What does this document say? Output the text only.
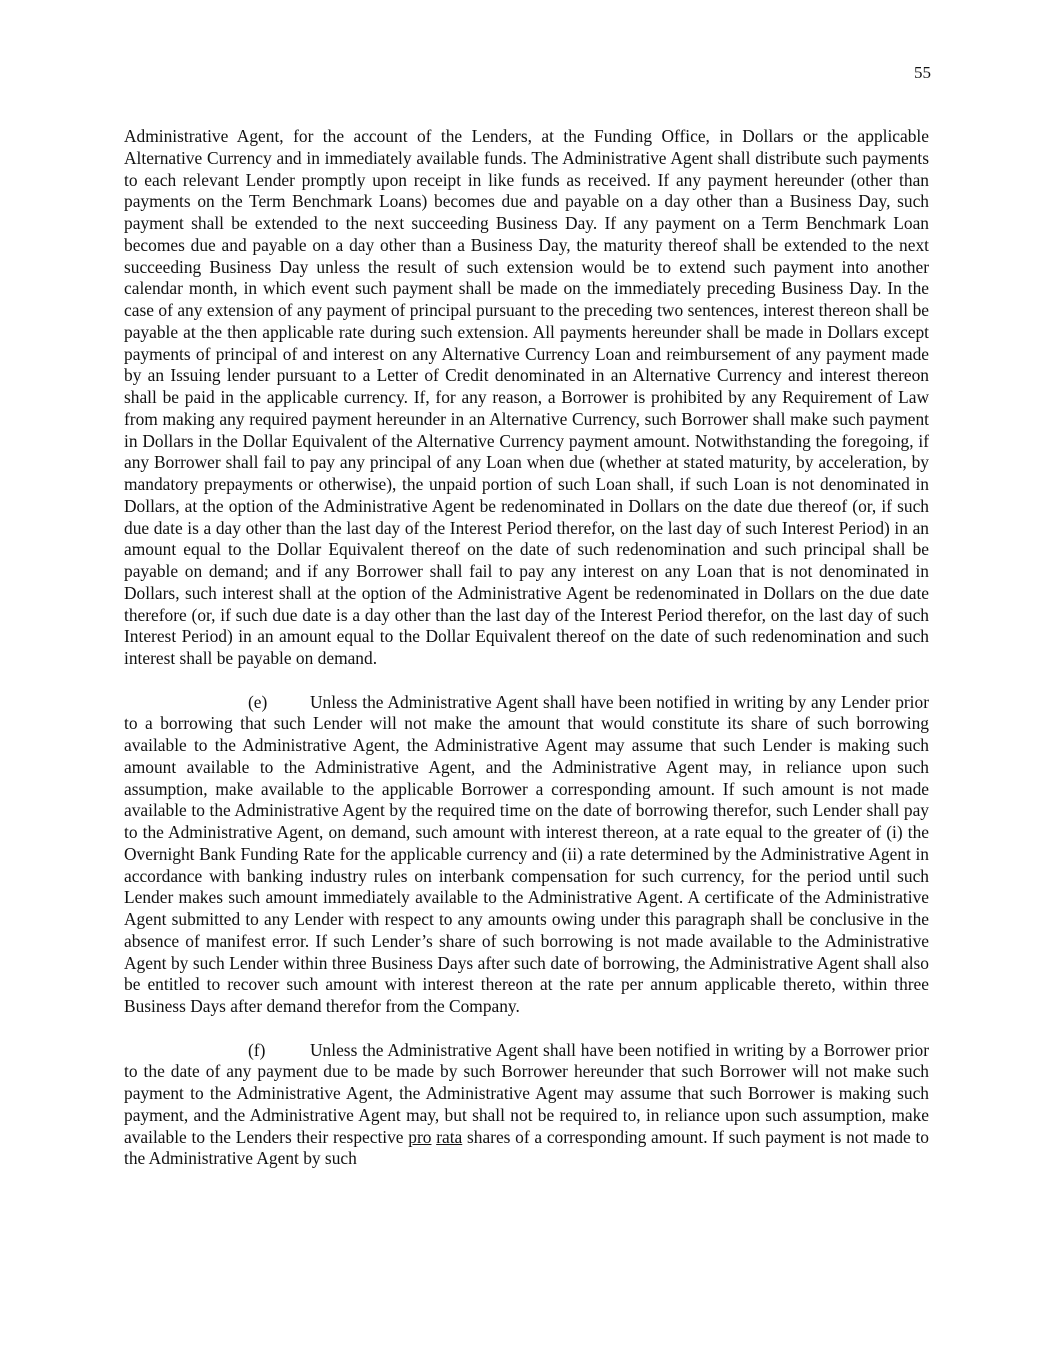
55

Administrative Agent, for the account of the Lenders, at the Funding Office, in Dollars or the applicable Alternative Currency and in immediately available funds. The Administrative Agent shall distribute such payments to each relevant Lender promptly upon receipt in like funds as received. If any payment hereunder (other than payments on the Term Benchmark Loans) becomes due and payable on a day other than a Business Day, such payment shall be extended to the next succeeding Business Day. If any payment on a Term Benchmark Loan becomes due and payable on a day other than a Business Day, the maturity thereof shall be extended to the next succeeding Business Day unless the result of such extension would be to extend such payment into another calendar month, in which event such payment shall be made on the immediately preceding Business Day. In the case of any extension of any payment of principal pursuant to the preceding two sentences, interest thereon shall be payable at the then applicable rate during such extension. All payments hereunder shall be made in Dollars except payments of principal of and interest on any Alternative Currency Loan and reimbursement of any payment made by an Issuing lender pursuant to a Letter of Credit denominated in an Alternative Currency and interest thereon shall be paid in the applicable currency. If, for any reason, a Borrower is prohibited by any Requirement of Law from making any required payment hereunder in an Alternative Currency, such Borrower shall make such payment in Dollars in the Dollar Equivalent of the Alternative Currency payment amount. Notwithstanding the foregoing, if any Borrower shall fail to pay any principal of any Loan when due (whether at stated maturity, by acceleration, by mandatory prepayments or otherwise), the unpaid portion of such Loan shall, if such Loan is not denominated in Dollars, at the option of the Administrative Agent be redenominated in Dollars on the date due thereof (or, if such due date is a day other than the last day of the Interest Period therefor, on the last day of such Interest Period) in an amount equal to the Dollar Equivalent thereof on the date of such redenomination and such principal shall be payable on demand; and if any Borrower shall fail to pay any interest on any Loan that is not denominated in Dollars, such interest shall at the option of the Administrative Agent be redenominated in Dollars on the due date therefore (or, if such due date is a day other than the last day of the Interest Period therefor, on the last day of such Interest Period) in an amount equal to the Dollar Equivalent thereof on the date of such redenomination and such interest shall be payable on demand.

(e) Unless the Administrative Agent shall have been notified in writing by any Lender prior to a borrowing that such Lender will not make the amount that would constitute its share of such borrowing available to the Administrative Agent, the Administrative Agent may assume that such Lender is making such amount available to the Administrative Agent, and the Administrative Agent may, in reliance upon such assumption, make available to the applicable Borrower a corresponding amount. If such amount is not made available to the Administrative Agent by the required time on the date of borrowing therefor, such Lender shall pay to the Administrative Agent, on demand, such amount with interest thereon, at a rate equal to the greater of (i) the Overnight Bank Funding Rate for the applicable currency and (ii) a rate determined by the Administrative Agent in accordance with banking industry rules on interbank compensation for such currency, for the period until such Lender makes such amount immediately available to the Administrative Agent. A certificate of the Administrative Agent submitted to any Lender with respect to any amounts owing under this paragraph shall be conclusive in the absence of manifest error. If such Lender’s share of such borrowing is not made available to the Administrative Agent by such Lender within three Business Days after such date of borrowing, the Administrative Agent shall also be entitled to recover such amount with interest thereon at the rate per annum applicable thereto, within three Business Days after demand therefor from the Company.

(f)	Unless the Administrative Agent shall have been notified in writing by a Borrower prior to the date of any payment due to be made by such Borrower hereunder that such Borrower will not make such payment to the Administrative Agent, the Administrative Agent may assume that such Borrower is making such payment, and the Administrative Agent may, but shall not be required to, in reliance upon such assumption, make available to the Lenders their respective pro rata shares of a corresponding amount. If such payment is not made to the Administrative Agent by such
